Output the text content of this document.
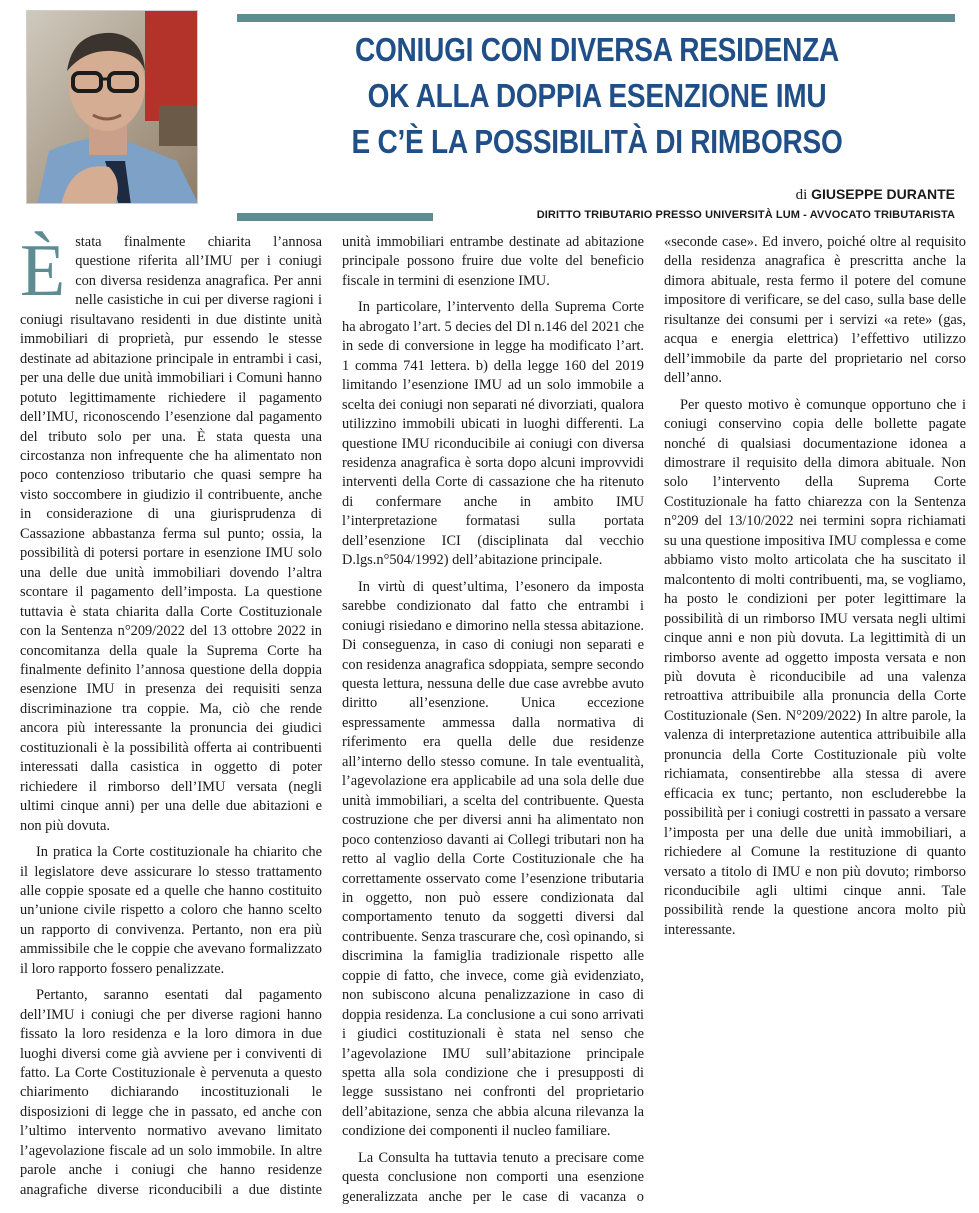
CONIUGI CON DIVERSA RESIDENZA
OK ALLA DOPPIA ESENZIONE IMU
E C’È LA POSSIBILITÀ DI RIMBORSO

di GIUSEPPE DURANTE

DIRITTO TRIBUTARIO PRESSO UNIVERSITÀ LUM - AVVOCATO TRIBUTARISTA

Èstata finalmente chiarita l’annosa questione riferita all’IMU per i coniugi con diversa residenza anagrafica. Per anni nelle casistiche in cui per diverse ragioni i coniugi risultavano residenti in due distinte unità immobiliari di proprietà, pur essendo le stesse destinate ad abitazione principale in entrambi i casi, per una delle due unità immobiliari i Comuni hanno potuto legittimamente richiedere il pagamento dell’IMU, riconoscendo l’esenzione dal pagamento del tributo solo per una. È stata questa una circostanza non infrequente che ha alimentato non poco contenzioso tributario che quasi sempre ha visto soccombere in giudizio il contribuente, anche in considerazione di una giurisprudenza di Cassazione abbastanza ferma sul punto; ossia, la possibilità di potersi portare in esenzione IMU solo una delle due unità immobiliari dovendo l’altra scontare il pagamento dell’imposta. La questione tuttavia è stata chiarita dalla Corte Costituzionale con la Sentenza n°209/2022 del 13 ottobre 2022 in concomitanza della quale la Suprema Corte ha finalmente definito l’annosa questione della doppia esenzione IMU in presenza dei requisiti senza discriminazione tra coppie. Ma, ciò che rende ancora più interessante la pronuncia dei giudici costituzionali è la possibilità offerta ai contribuenti interessati dalla casistica in oggetto di poter richiedere il rimborso dell’IMU versata (negli ultimi cinque anni) per una delle due abitazioni e non più dovuta.

In pratica la Corte costituzionale ha chiarito che il legislatore deve assicurare lo stesso trattamento alle coppie sposate ed a quelle che hanno costituito un’unione civile rispetto a coloro che hanno scelto un rapporto di convivenza. Pertanto, non era più ammissibile che le coppie che avevano formalizzato il loro rapporto fossero penalizzate.

Pertanto, saranno esentati dal pagamento dell’IMU i coniugi che per diverse ragioni hanno fissato la loro residenza e la loro dimora in due luoghi diversi come già avviene per i conviventi di fatto. La Corte Costituzionale è pervenuta a questo chiarimento dichiarando incostituzionali le disposizioni di legge che in passato, ed anche con l’ultimo intervento normativo avevano limitato l’agevolazione fiscale ad un solo immobile. In altre parole anche i coniugi che hanno residenze anagrafiche diverse riconducibili a due distinte unità immobiliari entrambe destinate ad abitazione principale possono fruire due volte del beneficio fiscale in termini di esenzione IMU.

In particolare, l’intervento della Suprema Corte ha abrogato l’art. 5 decies del Dl n.146 del 2021 che in sede di conversione in legge ha modificato l’art. 1 comma 741 lettera. b) della legge 160 del 2019 limitando l’esenzione IMU ad un solo immobile a scelta dei coniugi non separati né divorziati, qualora utilizzino immobili ubicati in luoghi differenti. La questione IMU riconducibile ai coniugi con diversa residenza anagrafica è sorta dopo alcuni improvvidi interventi della Corte di cassazione che ha ritenuto di confermare anche in ambito IMU l’interpretazione formatasi sulla portata dell’esenzione ICI (disciplinata dal vecchio D.lgs.n°504/1992) dell’abitazione principale.

In virtù di quest’ultima, l’esonero da imposta sarebbe condizionato dal fatto che entrambi i coniugi risiedano e dimorino nella stessa abitazione. Di conseguenza, in caso di coniugi non separati e con residenza anagrafica sdoppiata, sempre secondo questa lettura, nessuna delle due case avrebbe avuto diritto all’esenzione. Unica eccezione espressamente ammessa dalla normativa di riferimento era quella delle due residenze all’interno dello stesso comune. In tale eventualità, l’agevolazione era applicabile ad una sola delle due unità immobiliari, a scelta del contribuente. Questa costruzione che per diversi anni ha alimentato non poco contenzioso davanti ai Collegi tributari non ha retto al vaglio della Corte Costituzionale che ha correttamente osservato come l’esenzione tributaria in oggetto, non può essere condizionata dal comportamento tenuto da soggetti diversi dal contribuente. Senza trascurare che, così opinando, si discrimina la famiglia tradizionale rispetto alle coppie di fatto, che invece, come già evidenziato, non subiscono alcuna penalizzazione in caso di doppia residenza. La conclusione a cui sono arrivati i giudici costituzionali è stata nel senso che l’agevolazione IMU sull’abitazione principale spetta alla sola condizione che i presupposti di legge sussistano nei confronti del proprietario dell’abitazione, senza che abbia alcuna rilevanza la condizione dei componenti il nucleo familiare.

La Consulta ha tuttavia tenuto a precisare come questa conclusione non comporti una esenzione generalizzata anche per le case di vacanza o «seconde case». Ed invero, poiché oltre al requisito della residenza anagrafica è prescritta anche la dimora abituale, resta fermo il potere del comune impositore di verificare, se del caso, sulla base delle risultanze dei consumi per i servizi «a rete» (gas, acqua e energia elettrica) l’effettivo utilizzo dell’immobile da parte del proprietario nel corso dell’anno.

Per questo motivo è comunque opportuno che i coniugi conservino copia delle bollette pagate nonché di qualsiasi documentazione idonea a dimostrare il requisito della dimora abituale. Non solo l’intervento della Suprema Corte Costituzionale ha fatto chiarezza con la Sentenza n°209 del 13/10/2022 nei termini sopra richiamati su una questione impositiva IMU complessa e come abbiamo visto molto articolata che ha suscitato il malcontento di molti contribuenti, ma, se vogliamo, ha posto le condizioni per poter legittimare la possibilità di un rimborso IMU versata negli ultimi cinque anni e non più dovuta. La legittimità di un rimborso avente ad oggetto imposta versata e non più dovuta è riconducibile ad una valenza retroattiva attribuibile alla pronuncia della Corte Costituzionale (Sen. N°209/2022) In altre parole, la valenza di interpretazione autentica attribuibile alla pronuncia della Corte Costituzionale più volte richiamata, consentirebbe alla stessa di avere efficacia ex tunc; pertanto, non escluderebbe la possibilità per i coniugi costretti in passato a versare l’imposta per una delle due unità immobiliari, a richiedere al Comune la restituzione di quanto versato a titolo di IMU e non più dovuto; rimborso riconducibile agli ultimi cinque anni. Tale possibilità rende la questione ancora molto più interessante.
